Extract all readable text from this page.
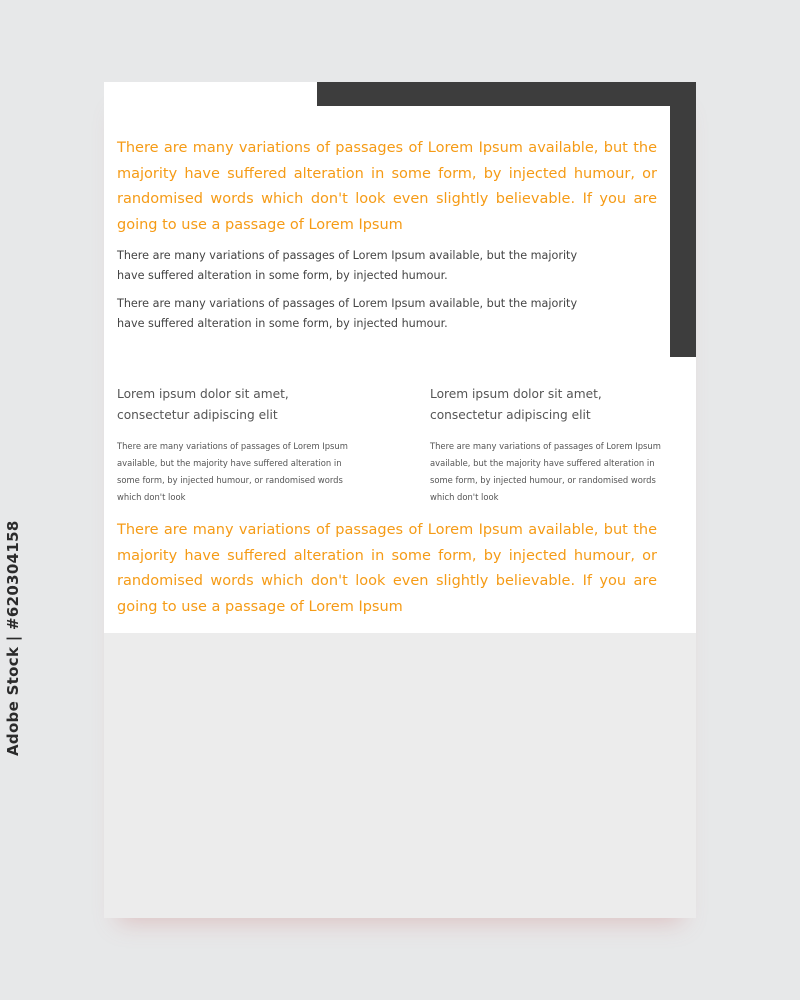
There are many variations of passages of Lorem Ipsum available, but the majority have suffered alteration in some form, by injected humour, or randomised words which don't look even slightly believable. If you are going to use a passage of Lorem Ipsum

There are many variations of passages of Lorem Ipsum available, but the majority have suffered alteration in some form, by injected humour.

There are many variations of passages of Lorem Ipsum available, but the majority have suffered alteration in some form, by injected humour.

Lorem ipsum dolor sit amet, consectetur adipiscing elit

There are many variations of passages of Lorem Ipsum available, but the majority have suffered alteration in some form, by injected humour, or randomised words which don't look

Lorem ipsum dolor sit amet, consectetur adipiscing elit

There are many variations of passages of Lorem Ipsum available, but the majority have suffered alteration in some form, by injected humour, or randomised words which don't look

There are many variations of passages of Lorem Ipsum available, but the majority have suffered alteration in some form, by injected humour, or randomised words which don't look even slightly believable. If you are going to use a passage of Lorem Ipsum

Adobe Stock | #620304158
